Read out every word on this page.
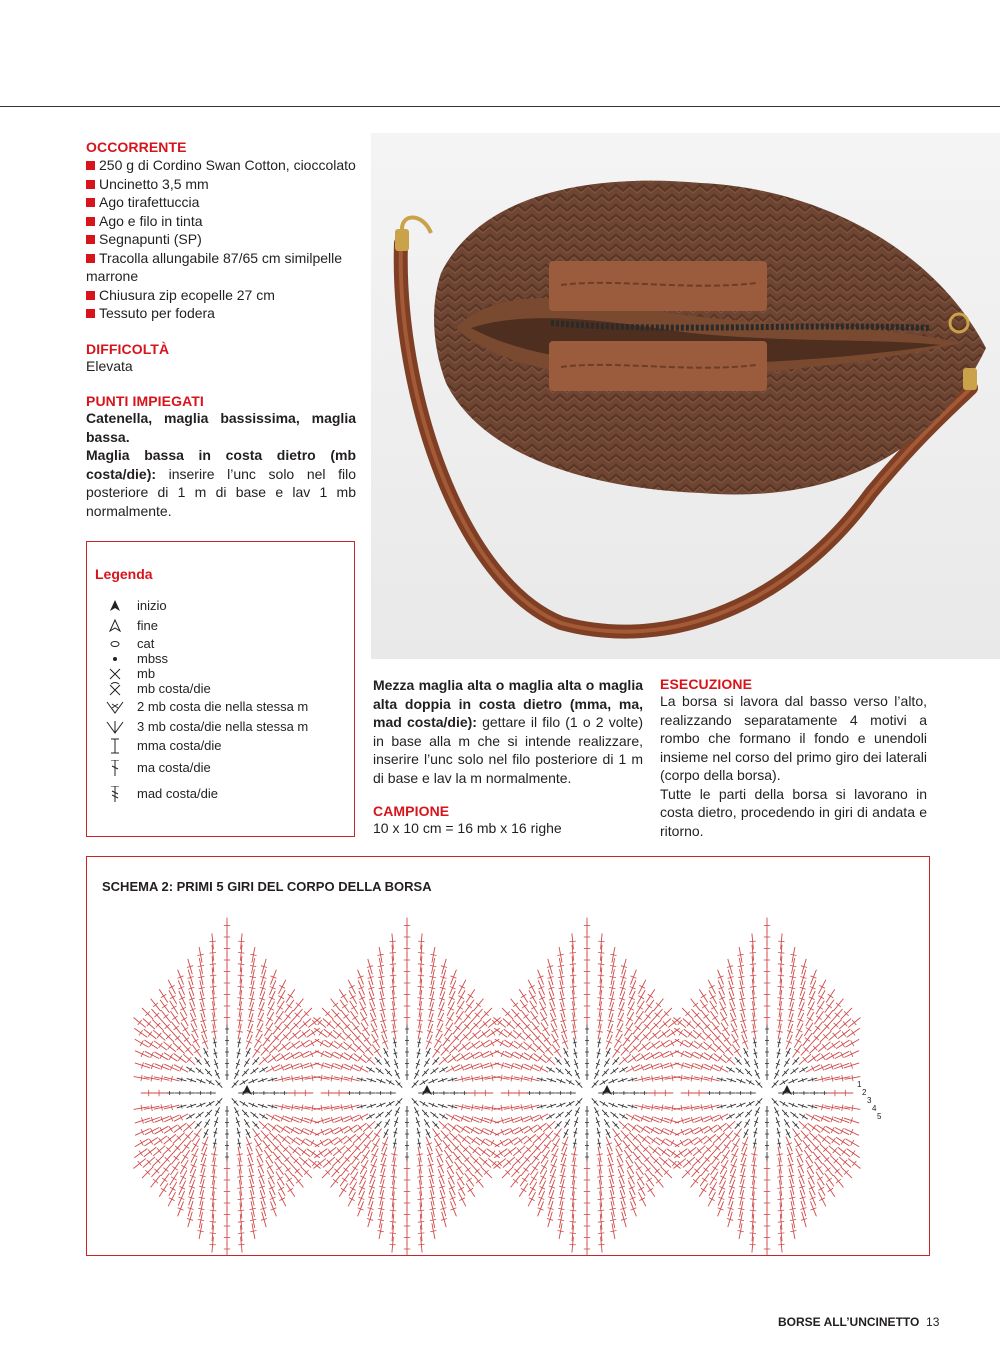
OCCORRENTE
250 g di Cordino Swan Cotton, cioccolato
Uncinetto 3,5 mm
Ago tirafettuccia
Ago e filo in tinta
Segnapunti (SP)
Tracolla allungabile 87/65 cm similpelle marrone
Chiusura zip ecopelle 27 cm
Tessuto per fodera
DIFFICOLTÀ
Elevata
PUNTI IMPIEGATI
Catenella, maglia bassissima, maglia bassa.
Maglia bassa in costa dietro (mb costa/die): inserire l’unc solo nel filo posteriore di 1 m di base e lav 1 mb normalmente.
Legenda
inizio
fine
cat
mbss
mb
mb costa/die
2 mb costa die nella stessa m
3 mb costa/die nella stessa m
mma costa/die
ma costa/die
mad costa/die
Mezza maglia alta o maglia alta o maglia alta doppia in costa dietro (mma, ma, mad costa/die): gettare il filo (1 o 2 volte) in base alla m che si intende realizzare, inserire l’unc solo nel filo posteriore di 1 m di base e lav la m normalmente.
CAMPIONE
10 x 10 cm = 16 mb x 16 righe
ESECUZIONE
La borsa si lavora dal basso verso l’alto, realizzando separatamente 4 motivi a rombo che formano il fondo e unendoli insieme nel corso del primo giro dei laterali (corpo della borsa).
Tutte le parti della borsa si lavorano in costa dietro, procedendo in giri di andata e ritorno.
SCHEMA 2: PRIMI 5 GIRI DEL CORPO DELLA BORSA
1
2
3
4
5
BORSE ALL’UNCINETTO 13
